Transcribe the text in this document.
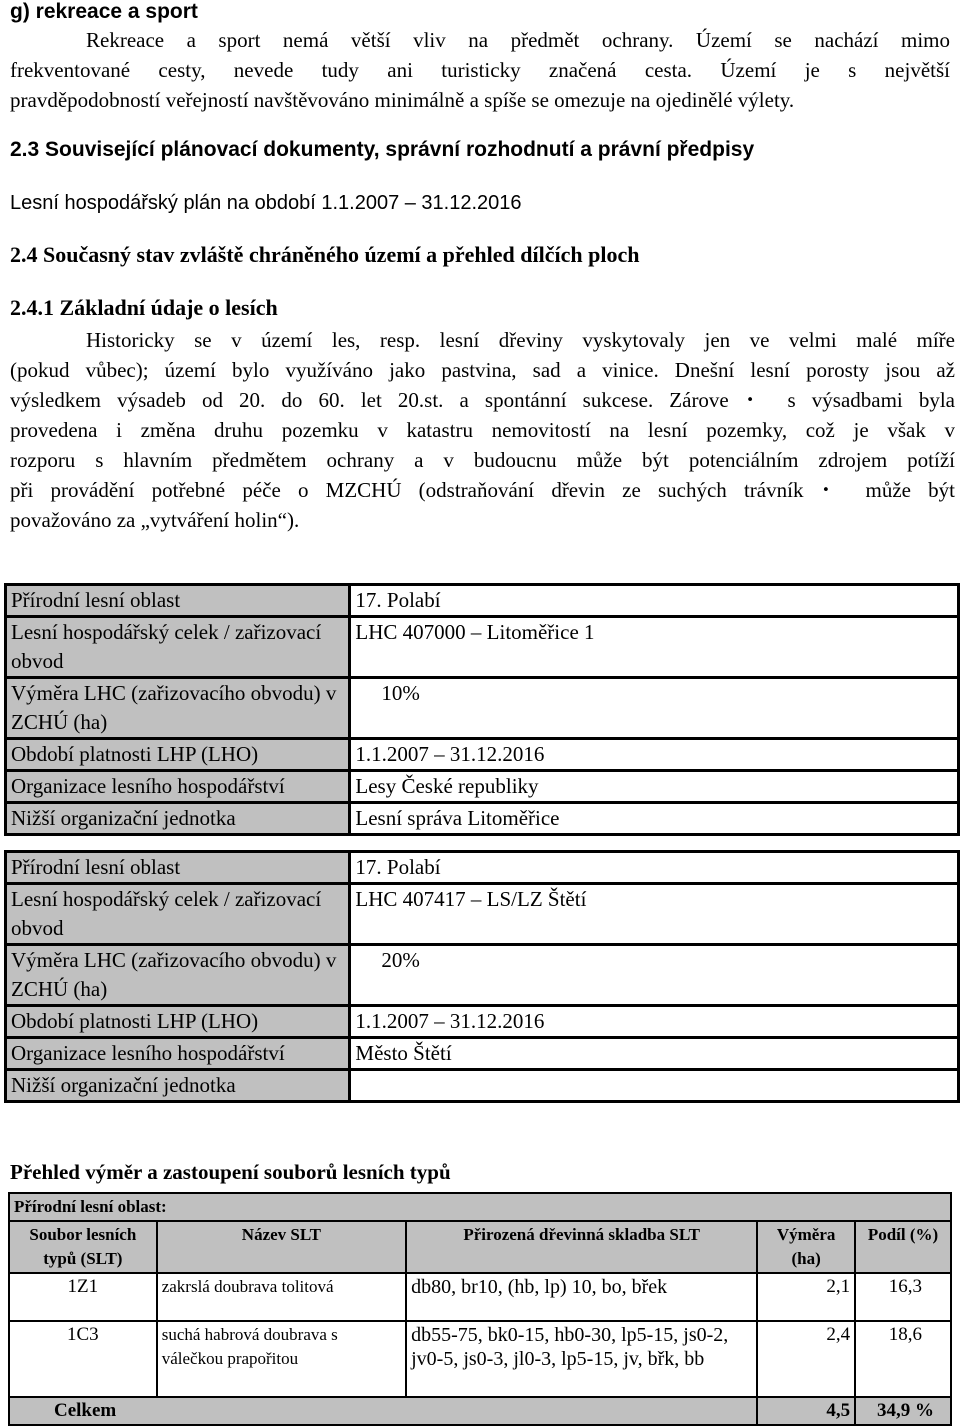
g) rekreace a sport
Rekreace a sport nemá větší vliv na předmět ochrany. Území se nachází mimo
frekventované cesty, nevede tudy ani turisticky značená cesta. Území je s největší
pravděpodobností veřejností navštěvováno minimálně a spíše se omezuje na ojedinělé výlety.
2.3 Související plánovací dokumenty, správní rozhodnutí a právní předpisy
Lesní hospodářský plán na období 1.1.2007 – 31.12.2016
2.4 Současný stav zvláště chráněného území a přehled dílčích ploch
2.4.1 Základní údaje o lesích
Historicky se v území les, resp. lesní dřeviny vyskytovaly jen ve velmi malé míře
(pokud vůbec); území bylo využíváno jako pastvina, sad a vinice. Dnešní lesní porosty jsou až
výsledkem výsadeb od 20. do 60. let 20.st. a spontánní sukcese. Zárove・ s výsadbami byla
provedena i změna druhu pozemku v katastru nemovitostí na lesní pozemky, což je však v
rozporu s hlavním předmětem ochrany a v budoucnu může být potenciálním zdrojem potíží
při provádění potřebné péče o MZCHÚ (odstraňování dřevin ze suchých trávník・ může být
považováno za „vytváření holin“).
Přírodní lesní oblast	17. Polabí
Lesní hospodářský celek / zařizovací obvod	LHC 407000 – Litoměřice 1
Výměra LHC (zařizovacího obvodu) v ZCHÚ (ha)	10%
Období platnosti LHP (LHO)	1.1.2007 – 31.12.2016
Organizace lesního hospodářství	Lesy České republiky
Nižší organizační jednotka	Lesní správa Litoměřice
Přírodní lesní oblast	17. Polabí
Lesní hospodářský celek / zařizovací obvod	LHC 407417 – LS/LZ Štětí
Výměra LHC (zařizovacího obvodu) v ZCHÚ (ha)	20%
Období platnosti LHP (LHO)	1.1.2007 – 31.12.2016
Organizace lesního hospodářství	Město Štětí
Nižší organizační jednotka	
Přehled výměr a zastoupení souborů lesních typů
Přírodní lesní oblast:				
Soubor lesních typů (SLT)	Název SLT	Přirozená dřevinná skladba SLT	Výměra (ha)	Podíl (%)
1Z1	zakrslá doubrava tolitová	db80, br10, (hb, lp) 10, bo, břek	2,1	16,3
1C3	suchá habrová doubrava s válečkou prapořitou	db55-75, bk0-15, hb0-30, lp5-15, js0-2, jv0-5, js0-3, jl0-3, lp5-15, jv, břk, bb	2,4	18,6
Celkem			4,5	34,9 %
